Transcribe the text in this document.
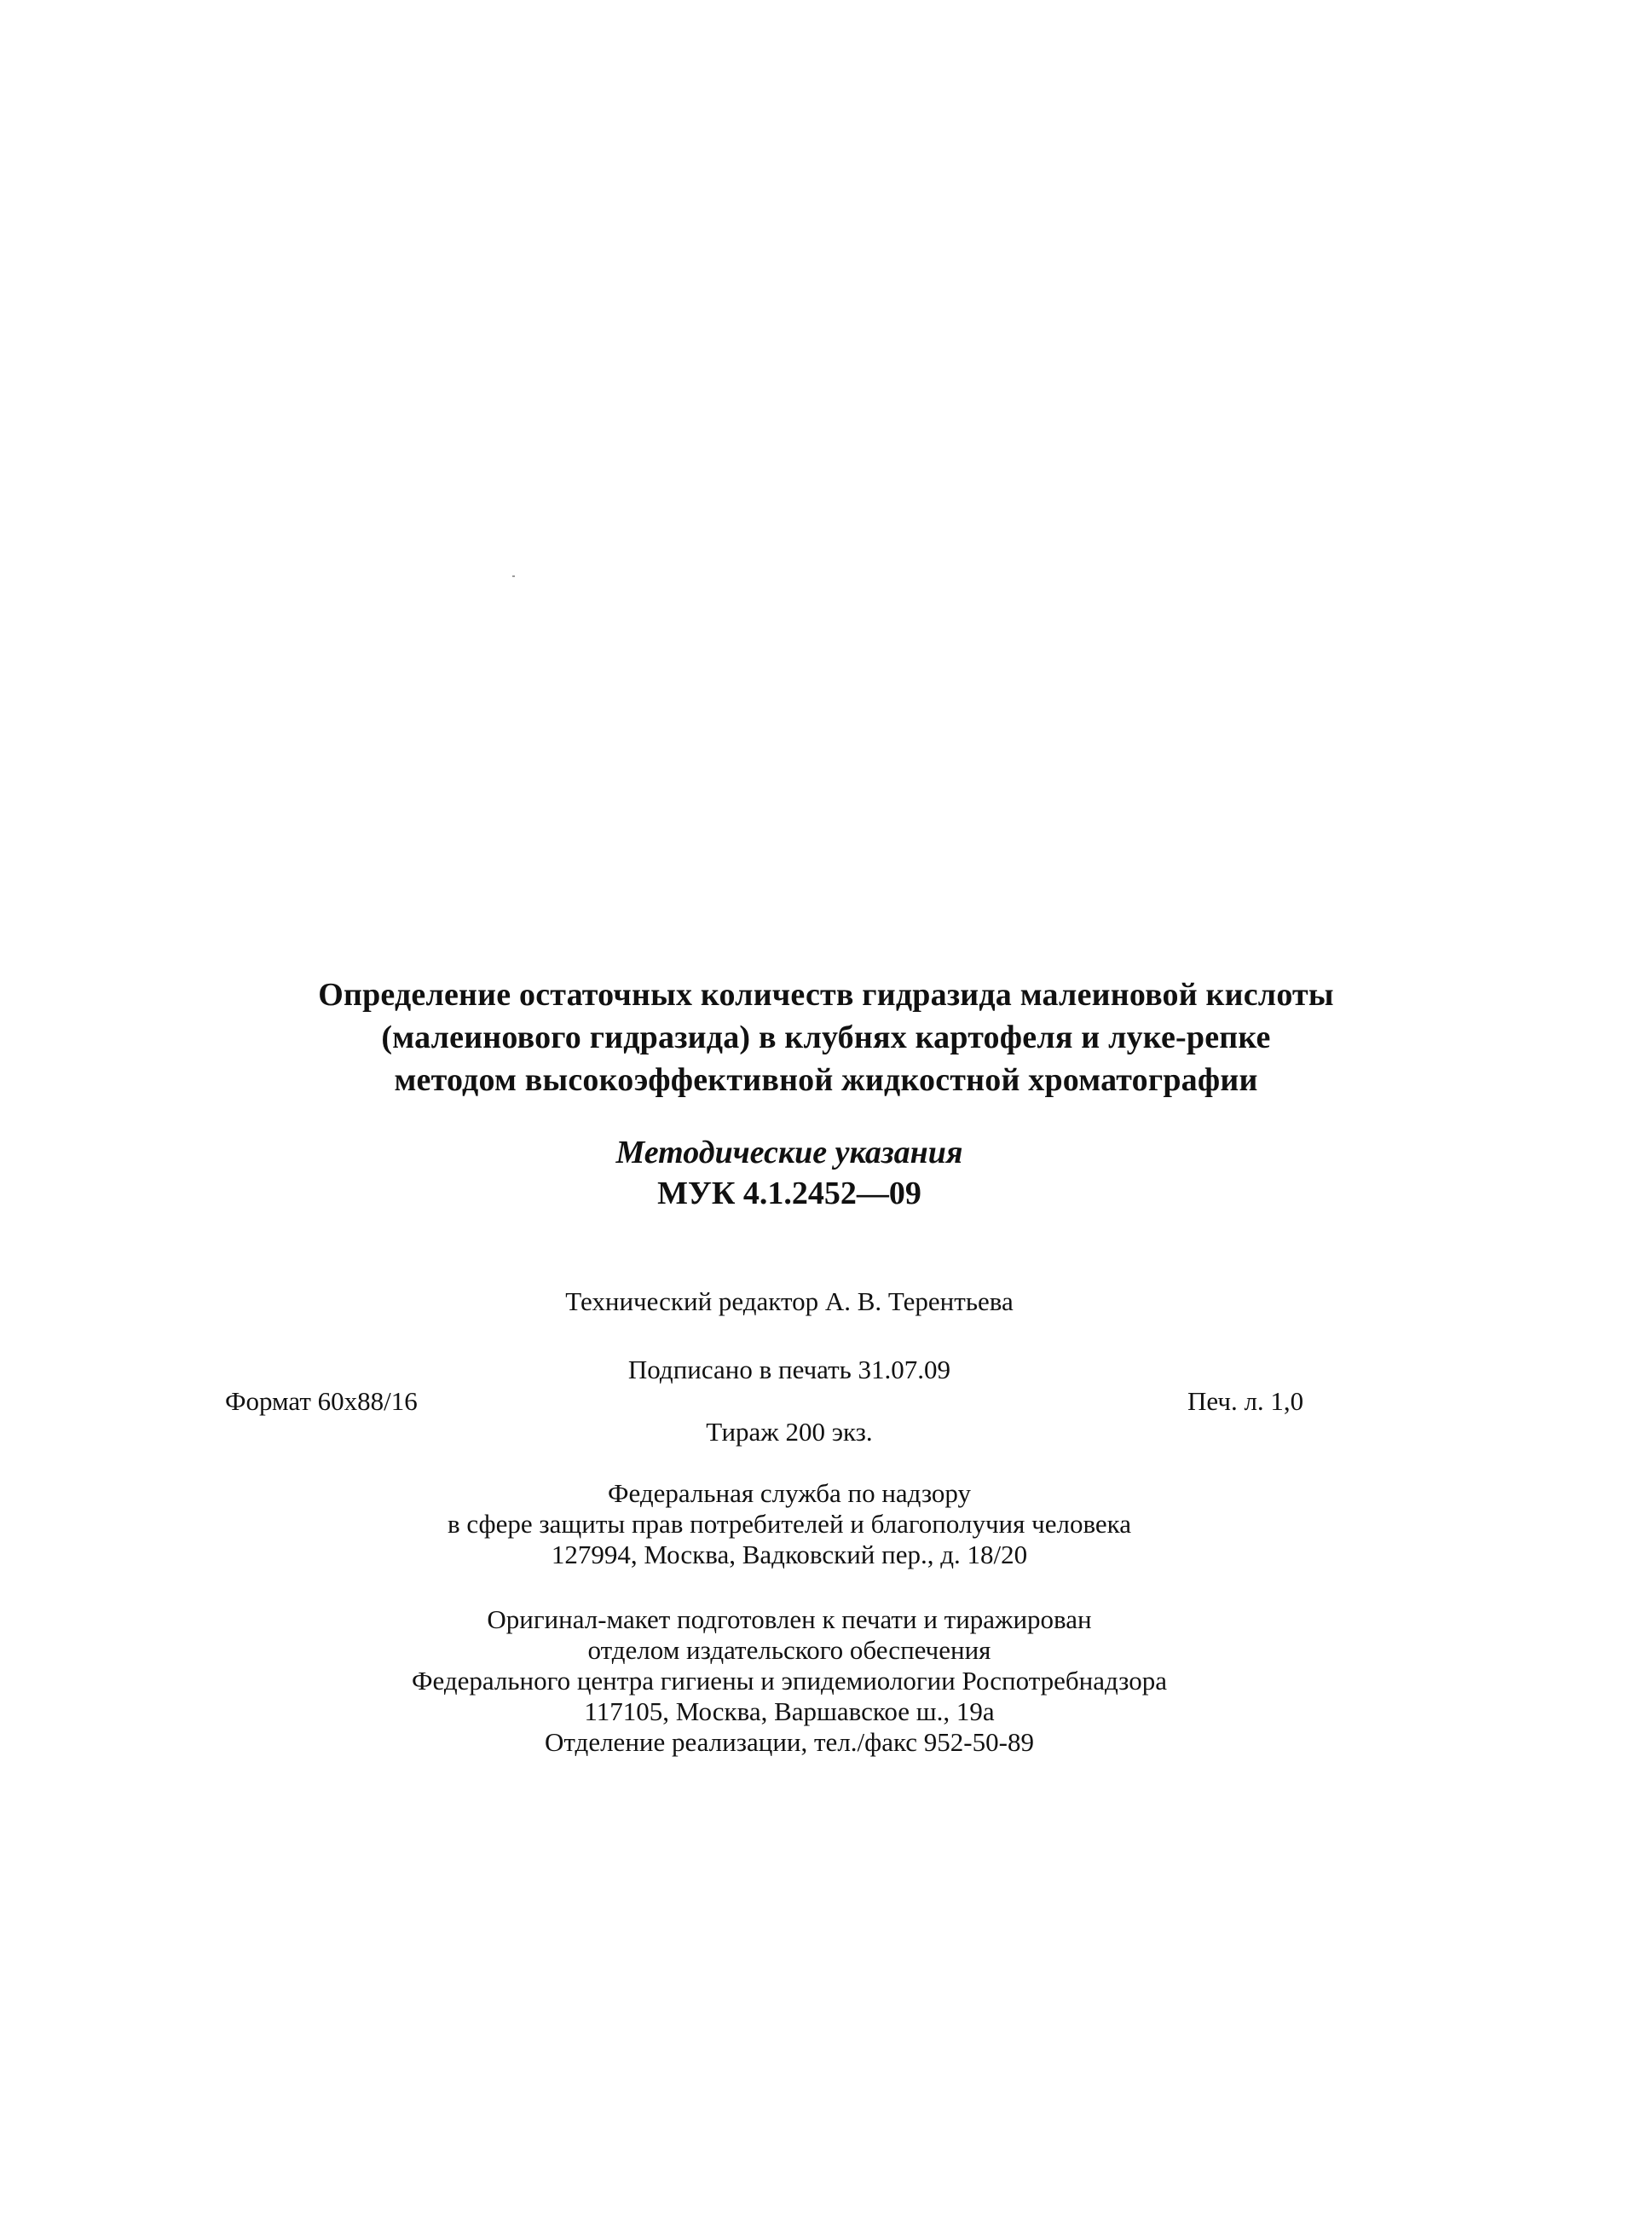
Определение остаточных количеств гидразида малеиновой кислоты
(малеинового гидразида) в клубнях картофеля и луке-репке
методом высокоэффективной жидкостной хроматографии
Методические указания
МУК 4.1.2452—09
Технический редактор А. В. Терентьева
Подписано в печать 31.07.09
Формат 60x88/16	Печ. л. 1,0
Тираж 200 экз.
Федеральная служба по надзору
в сфере защиты прав потребителей и благополучия человека
127994, Москва, Вадковский пер., д. 18/20
Оригинал-макет подготовлен к печати и тиражирован
отделом издательского обеспечения
Федерального центра гигиены и эпидемиологии Роспотребнадзора
117105, Москва, Варшавское ш., 19а
Отделение реализации, тел./факс 952-50-89
